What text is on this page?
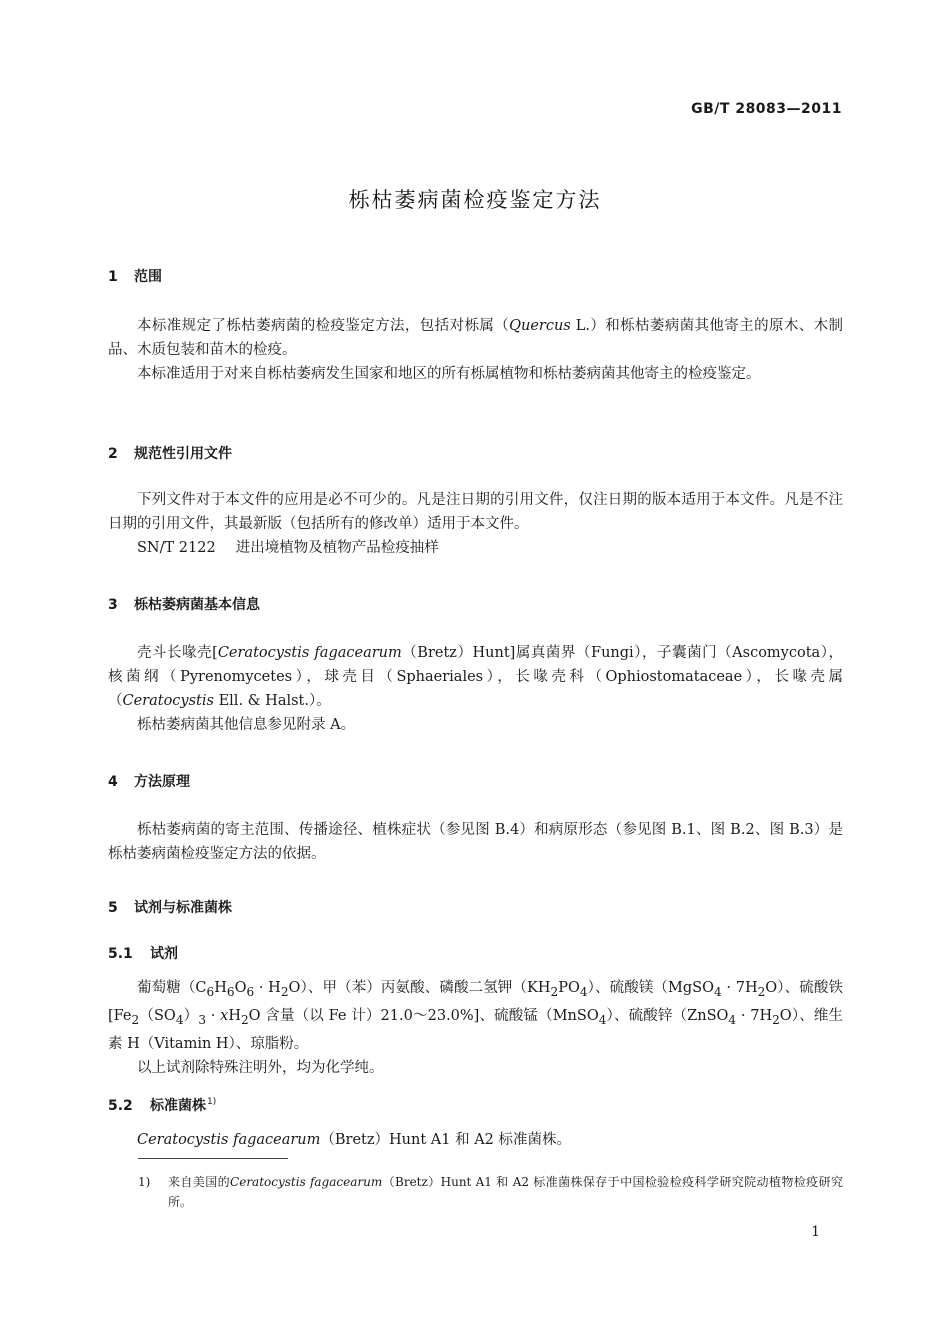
GB/T 28083—2011
栎枯萎病菌检疫鉴定方法
1 范围

本标准规定了栎枯萎病菌的检疫鉴定方法，包括对栎属（Quercus L.）和栎枯萎病菌其他寄主的原木、木制品、木质包装和苗木的检疫。

本标准适用于对来自栎枯萎病发生国家和地区的所有栎属植物和栎枯萎病菌其他寄主的检疫鉴定。

2 规范性引用文件

下列文件对于本文件的应用是必不可少的。凡是注日期的引用文件，仅注日期的版本适用于本文件。凡是不注日期的引用文件，其最新版（包括所有的修改单）适用于本文件。

SN/T 2122 进出境植物及植物产品检疫抽样

3 栎枯萎病菌基本信息

壳斗长喙壳[Ceratocystis fagacearum（Bretz）Hunt]属真菌界（Fungi），子囊菌门（Ascomycota），核菌纲（Pyrenomycetes），球壳目（Sphaeriales），长喙壳科（Ophiostomataceae），长喙壳属（Ceratocystis Ell. & Halst.）。

栎枯萎病菌其他信息参见附录 A。

4 方法原理

栎枯萎病菌的寄主范围、传播途径、植株症状（参见图 B.4）和病原形态（参见图 B.1、图 B.2、图 B.3）是栎枯萎病菌检疫鉴定方法的依据。

5 试剂与标准菌株
5.1 试剂

葡萄糖$(C_6H_6O_6 \cdot H_2O)$、甲（苯）丙氨酸、磷酸二氢钾$(KH_2PO_4)$、硫酸镁（MgSO$_4$ · $7H_2O$）、硫酸铁[$Fe_2(SO_4)_3 \cdot xH_2O$ 含量（以 Fe 计）21.0～23.0%]、硫酸锰（MnSO$_4$）、硫酸锌（ZnSO$_4$ · $7H_2O$）、维生素 H（Vitamin H）、琼脂粉。

以上试剂除特殊注明外，均为化学纯。

5.2 标准菌株$^{1)}$

Ceratocystis fagacearum（Bretz）Hunt A1 和 A2 标准菌株。

1) 来自美国的Ceratocystis fagacearum（Bretz）Hunt A1 和 A2 标准菌株保存于中国检验检疫科学研究院动植物检疫研究所。
1
